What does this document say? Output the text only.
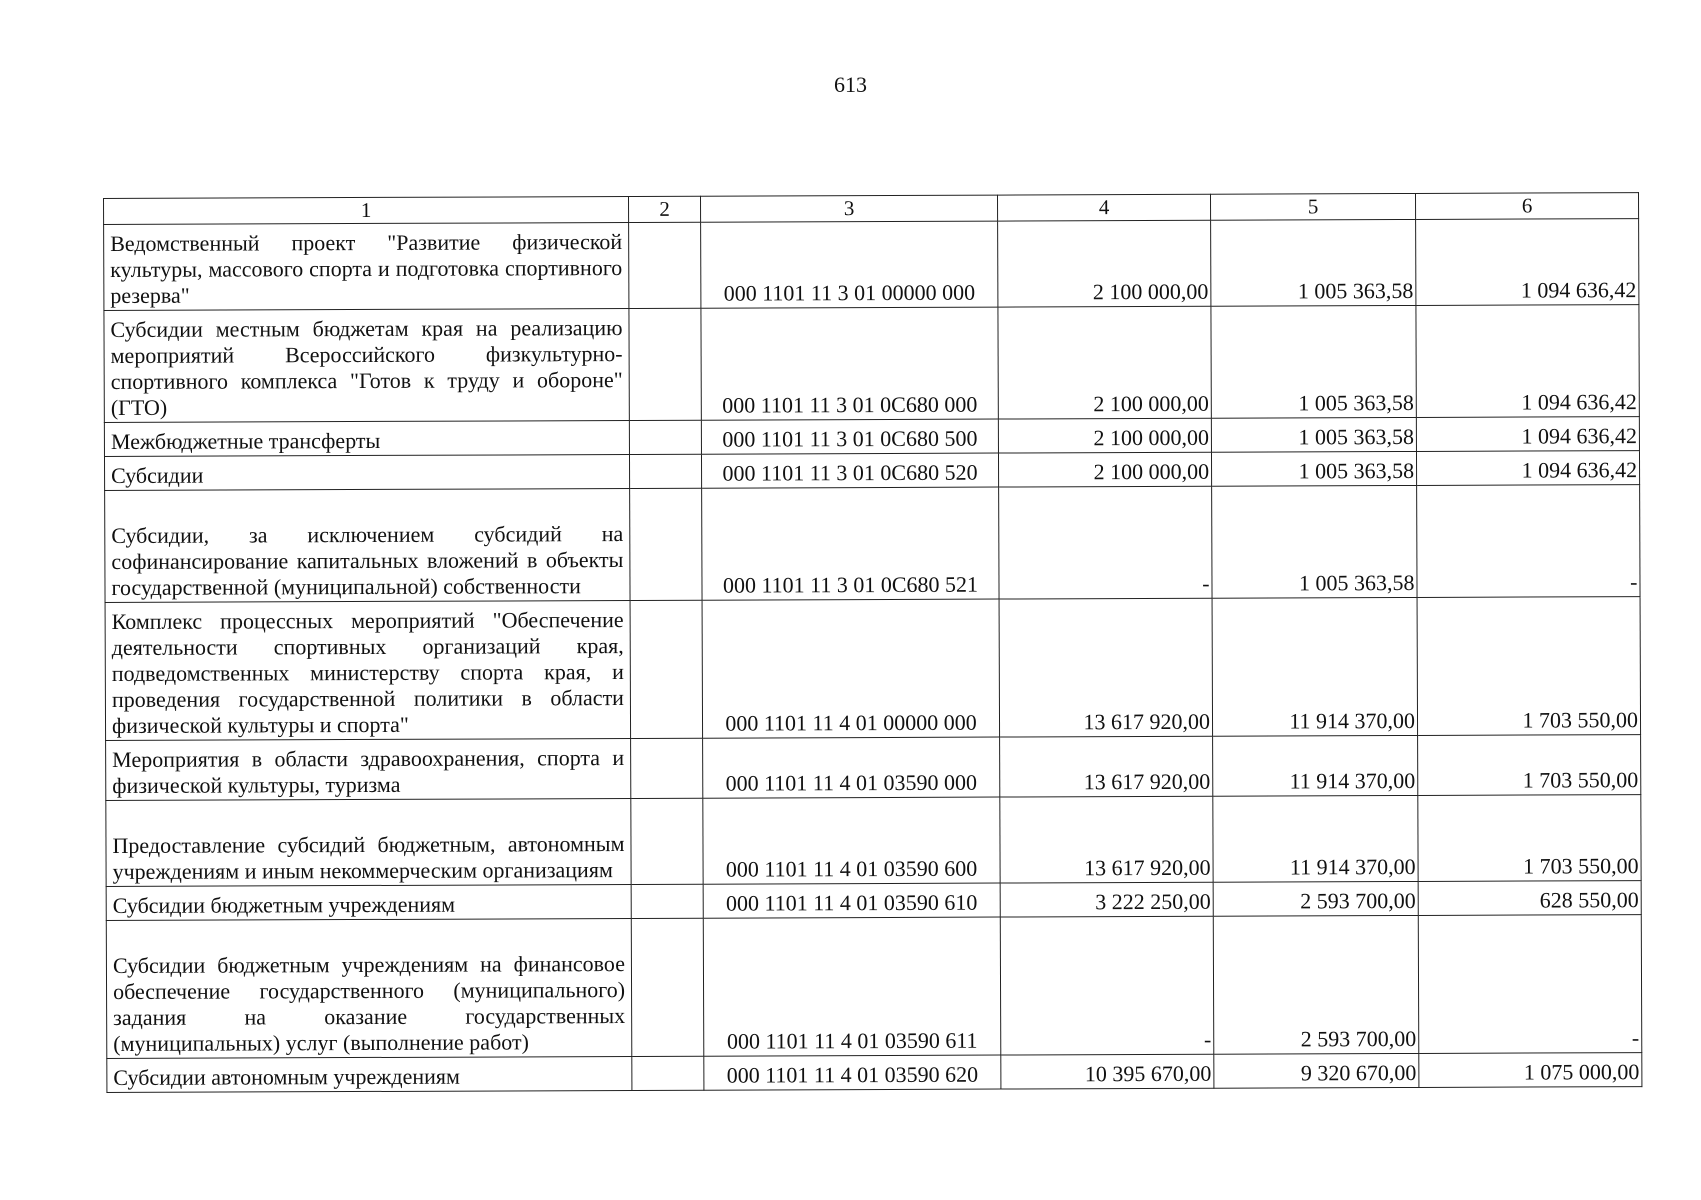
613
1	2	3	4	5	6
Ведомственный проект "Развитие физической культуры, массового спорта и подготовка спортивного резерва"		000 1101 11 3 01 00000 000	2 100 000,00	1 005 363,58	1 094 636,42
Субсидии местным бюджетам края на реализацию мероприятий Всероссийского физкультурно-спортивного комплекса "Готов к труду и обороне" (ГТО)		000 1101 11 3 01 0С680 000	2 100 000,00	1 005 363,58	1 094 636,42
Межбюджетные трансферты		000 1101 11 3 01 0С680 500	2 100 000,00	1 005 363,58	1 094 636,42
Субсидии		000 1101 11 3 01 0С680 520	2 100 000,00	1 005 363,58	1 094 636,42
Субсидии, за исключением субсидий на софинансирование капитальных вложений в объекты государственной (муниципальной) собственности		000 1101 11 3 01 0С680 521	-	1 005 363,58	-
Комплекс процессных мероприятий "Обеспечение деятельности спортивных организаций края, подведомственных министерству спорта края, и проведения государственной политики в области физической культуры и спорта"		000 1101 11 4 01 00000 000	13 617 920,00	11 914 370,00	1 703 550,00
Мероприятия в области здравоохранения, спорта и физической культуры, туризма		000 1101 11 4 01 03590 000	13 617 920,00	11 914 370,00	1 703 550,00
Предоставление субсидий бюджетным, автономным учреждениям и иным некоммерческим организациям		000 1101 11 4 01 03590 600	13 617 920,00	11 914 370,00	1 703 550,00
Субсидии бюджетным учреждениям		000 1101 11 4 01 03590 610	3 222 250,00	2 593 700,00	628 550,00
Субсидии бюджетным учреждениям на финансовое обеспечение государственного (муниципального) задания на оказание государственных (муниципальных) услуг (выполнение работ)		000 1101 11 4 01 03590 611	-	2 593 700,00	-
Субсидии автономным учреждениям		000 1101 11 4 01 03590 620	10 395 670,00	9 320 670,00	1 075 000,00
